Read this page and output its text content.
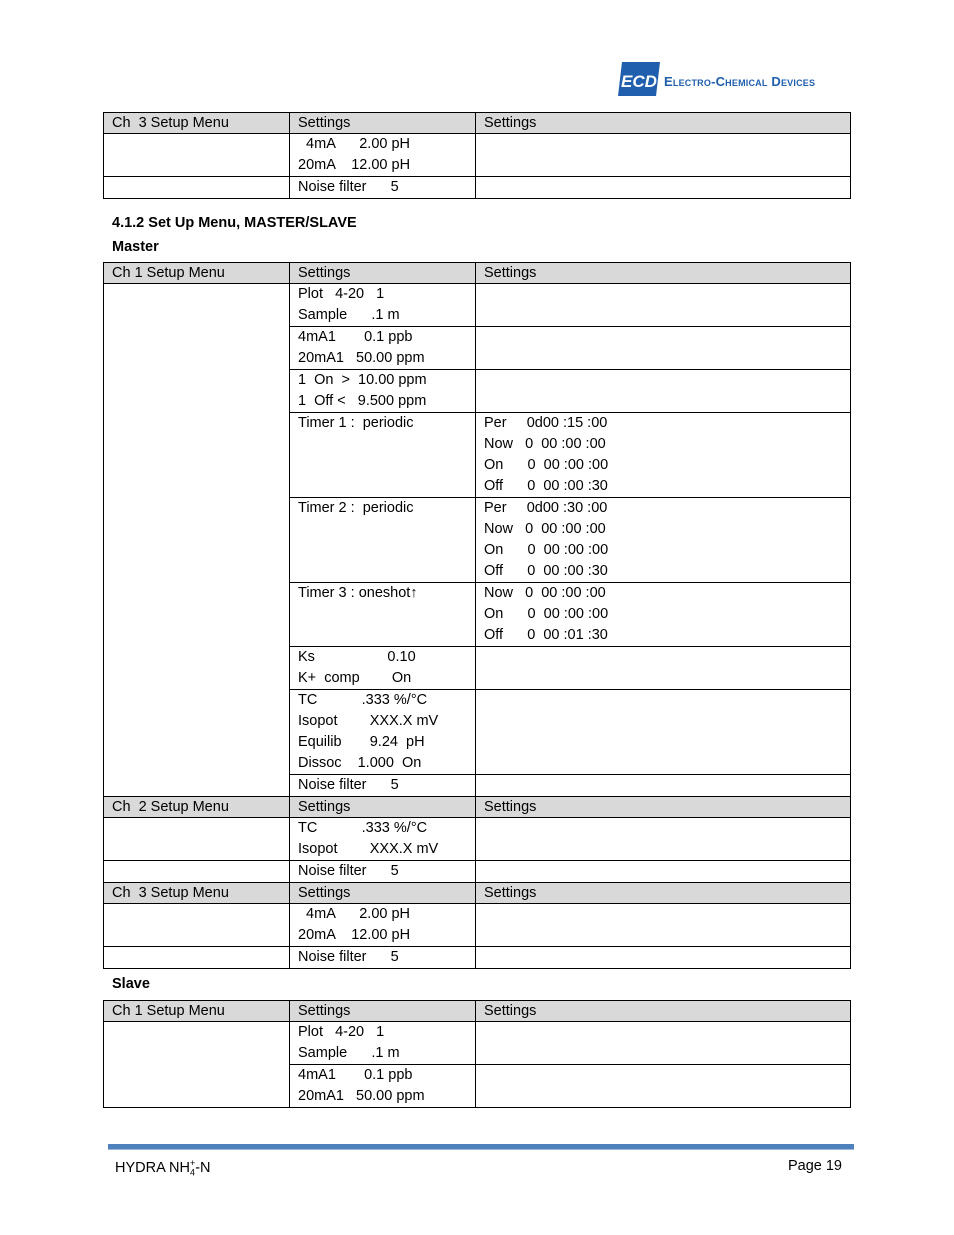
ECD Electro-Chemical Devices
Ch  3 Setup Menu	Settings	Settings

	4mA      2.00 pH
20mA    12.00 pH	

	Noise filter      5	

4.1.2 Set Up Menu, MASTER/SLAVE
Master
Ch 1 Setup Menu	Settings	Settings

	Plot   4-20   1
Sample      .1 m	

	4mA1       0.1 ppb
20mA1   50.00 ppm	

	1  On  >  10.00 ppm
1  Off <   9.500 ppm	

	Timer 1 :  periodic	Per     0d00 :15 :00
Now   0  00 :00 :00
On      0  00 :00 :00
Off      0  00 :00 :30

	Timer 2 :  periodic	Per     0d00 :30 :00
Now   0  00 :00 :00
On      0  00 :00 :00
Off      0  00 :00 :30

	Timer 3 : oneshot↑	Now   0  00 :00 :00
On      0  00 :00 :00
Off      0  00 :01 :30

	Ks                  0.10
K+  comp        On	

	TC           .333 %/°C
Isopot        XXX.X mV
Equilib       9.24  pH
Dissoc    1.000  On	

	Noise filter      5	

Ch  2 Setup Menu	Settings	Settings

	TC           .333 %/°C
Isopot        XXX.X mV	

	Noise filter      5	

Ch  3 Setup Menu	Settings	Settings

	4mA      2.00 pH
20mA    12.00 pH	

	Noise filter      5	

Slave
Ch 1 Setup Menu	Settings	Settings

	Plot   4-20   1
Sample      .1 m	

	4mA1       0.1 ppb
20mA1   50.00 ppm	

HYDRA $NH_4^+-N$	Page 19
